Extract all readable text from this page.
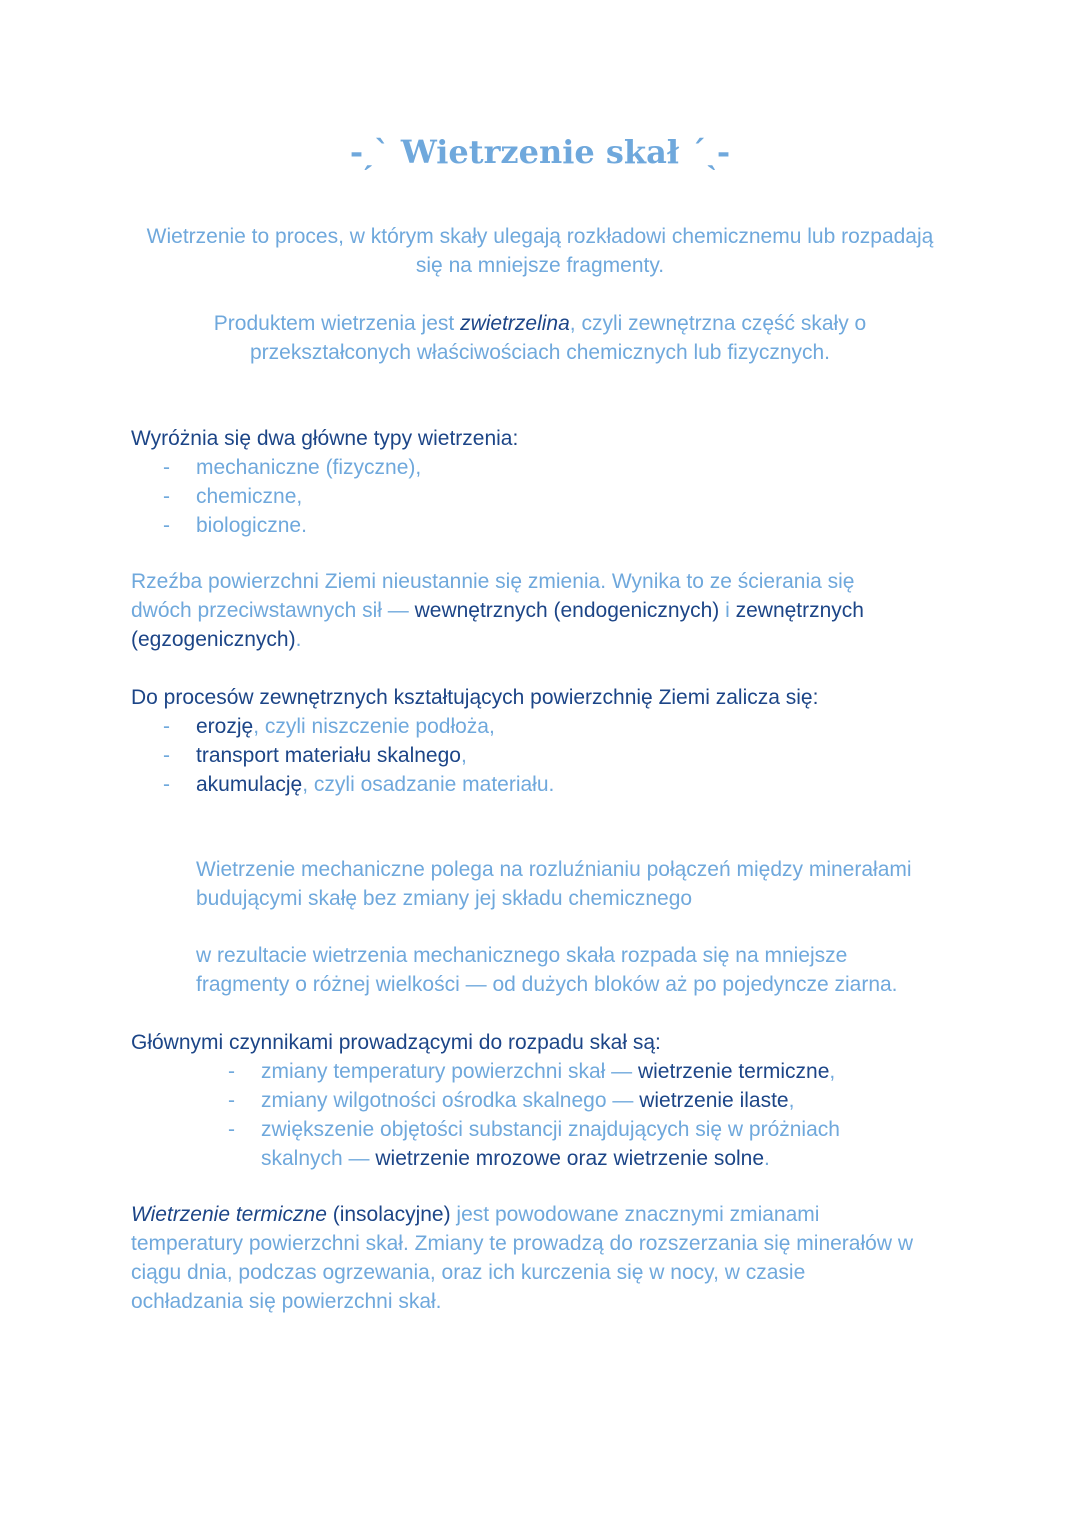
-ˏˋ Wietrzenie skał ˊˎ-
Wietrzenie to proces, w którym skały ulegają rozkładowi chemicznemu lub rozpadają
się na mniejsze fragmenty.
Produktem wietrzenia jest zwietrzelina, czyli zewnętrzna część skały o
przekształconych właściwościach chemicznych lub fizycznych.

Wyróżnia się dwa główne typy wietrzenia:

- mechaniczne (fizyczne),
- chemiczne,
- biologiczne.
Rzeźba powierzchni Ziemi nieustannie się zmienia. Wynika to ze ścierania się
dwóch przeciwstawnych sił — wewnętrznych (endogenicznych) i zewnętrznych
(egzogenicznych).

Do procesów zewnętrznych kształtujących powierzchnię Ziemi zalicza się:

- erozję, czyli niszczenie podłoża,
- transport materiału skalnego,
- akumulację, czyli osadzanie materiału.
Wietrzenie mechaniczne polega na rozluźnianiu połączeń między minerałami
budującymi skałę bez zmiany jej składu chemicznego
w rezultacie wietrzenia mechanicznego skała rozpada się na mniejsze
fragmenty o różnej wielkości — od dużych bloków aż po pojedyncze ziarna.

Głównymi czynnikami prowadzącymi do rozpadu skał są:

- zmiany temperatury powierzchni skał — wietrzenie termiczne,
- zmiany wilgotności ośrodka skalnego — wietrzenie ilaste,
- zwiększenie objętości substancji znajdujących się w próżniach
skalnych — wietrzenie mrozowe oraz wietrzenie solne.
Wietrzenie termiczne (insolacyjne) jest powodowane znacznymi zmianami
temperatury powierzchni skał. Zmiany te prowadzą do rozszerzania się minerałów w
ciągu dnia, podczas ogrzewania, oraz ich kurczenia się w nocy, w czasie
ochładzania się powierzchni skał.
